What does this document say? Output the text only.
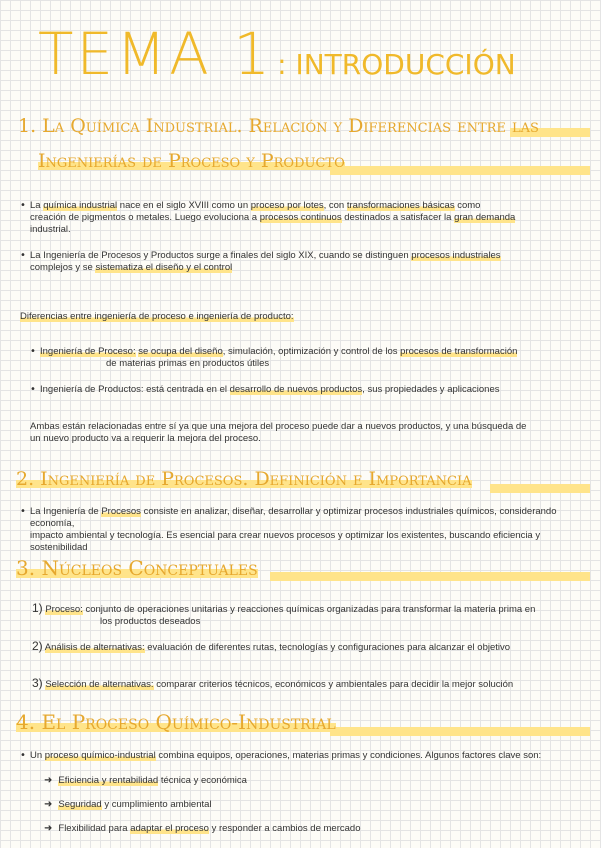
TEMA 1 : INTRODUCCIÓN
1. La Química Industrial. Relación y Diferencias entre las
Ingenierías de Proceso y Producto
• La química industrial nace en el siglo XVIII como un proceso por lotes, con transformaciones básicas como
creación de pigmentos o metales. Luego evoluciona a procesos continuos destinados a satisfacer la gran demanda
industrial.
• La Ingeniería de Procesos y Productos surge a finales del siglo XIX, cuando se distinguen procesos industriales
complejos y se sistematiza el diseño y el control
Diferencias entre ingeniería de proceso e ingeniería de producto:
• Ingeniería de Proceso: se ocupa del diseño, simulación, optimización y control de los procesos de transformación
de materias primas en productos útiles
• Ingeniería de Productos: está centrada en el desarrollo de nuevos productos, sus propiedades y aplicaciones
Ambas están relacionadas entre sí ya que una mejora del proceso puede dar a nuevos productos, y una búsqueda de
un nuevo producto va a requerir la mejora del proceso.
2. Ingeniería de Procesos. Definición e Importancia
• La Ingeniería de Procesos consiste en analizar, diseñar, desarrollar y optimizar procesos industriales químicos, considerando economía,
impacto ambiental y tecnología. Es esencial para crear nuevos procesos y optimizar los existentes, buscando eficiencia y sostenibilidad
3. Núcleos Conceptuales
1) Proceso: conjunto de operaciones unitarias y reacciones químicas organizadas para transformar la materia prima en
los productos deseados
2) Análisis de alternativas: evaluación de diferentes rutas, tecnologías y configuraciones para alcanzar el objetivo
3) Selección de alternativas: comparar criterios técnicos, económicos y ambientales para decidir la mejor solución
4. El Proceso Químico-Industrial
• Un proceso químico-industrial combina equipos, operaciones, materias primas y condiciones. Algunos factores clave son:
➜ Eficiencia y rentabilidad técnica y económica
➜ Seguridad y cumplimiento ambiental
➜ Flexibilidad para adaptar el proceso y responder a cambios de mercado
